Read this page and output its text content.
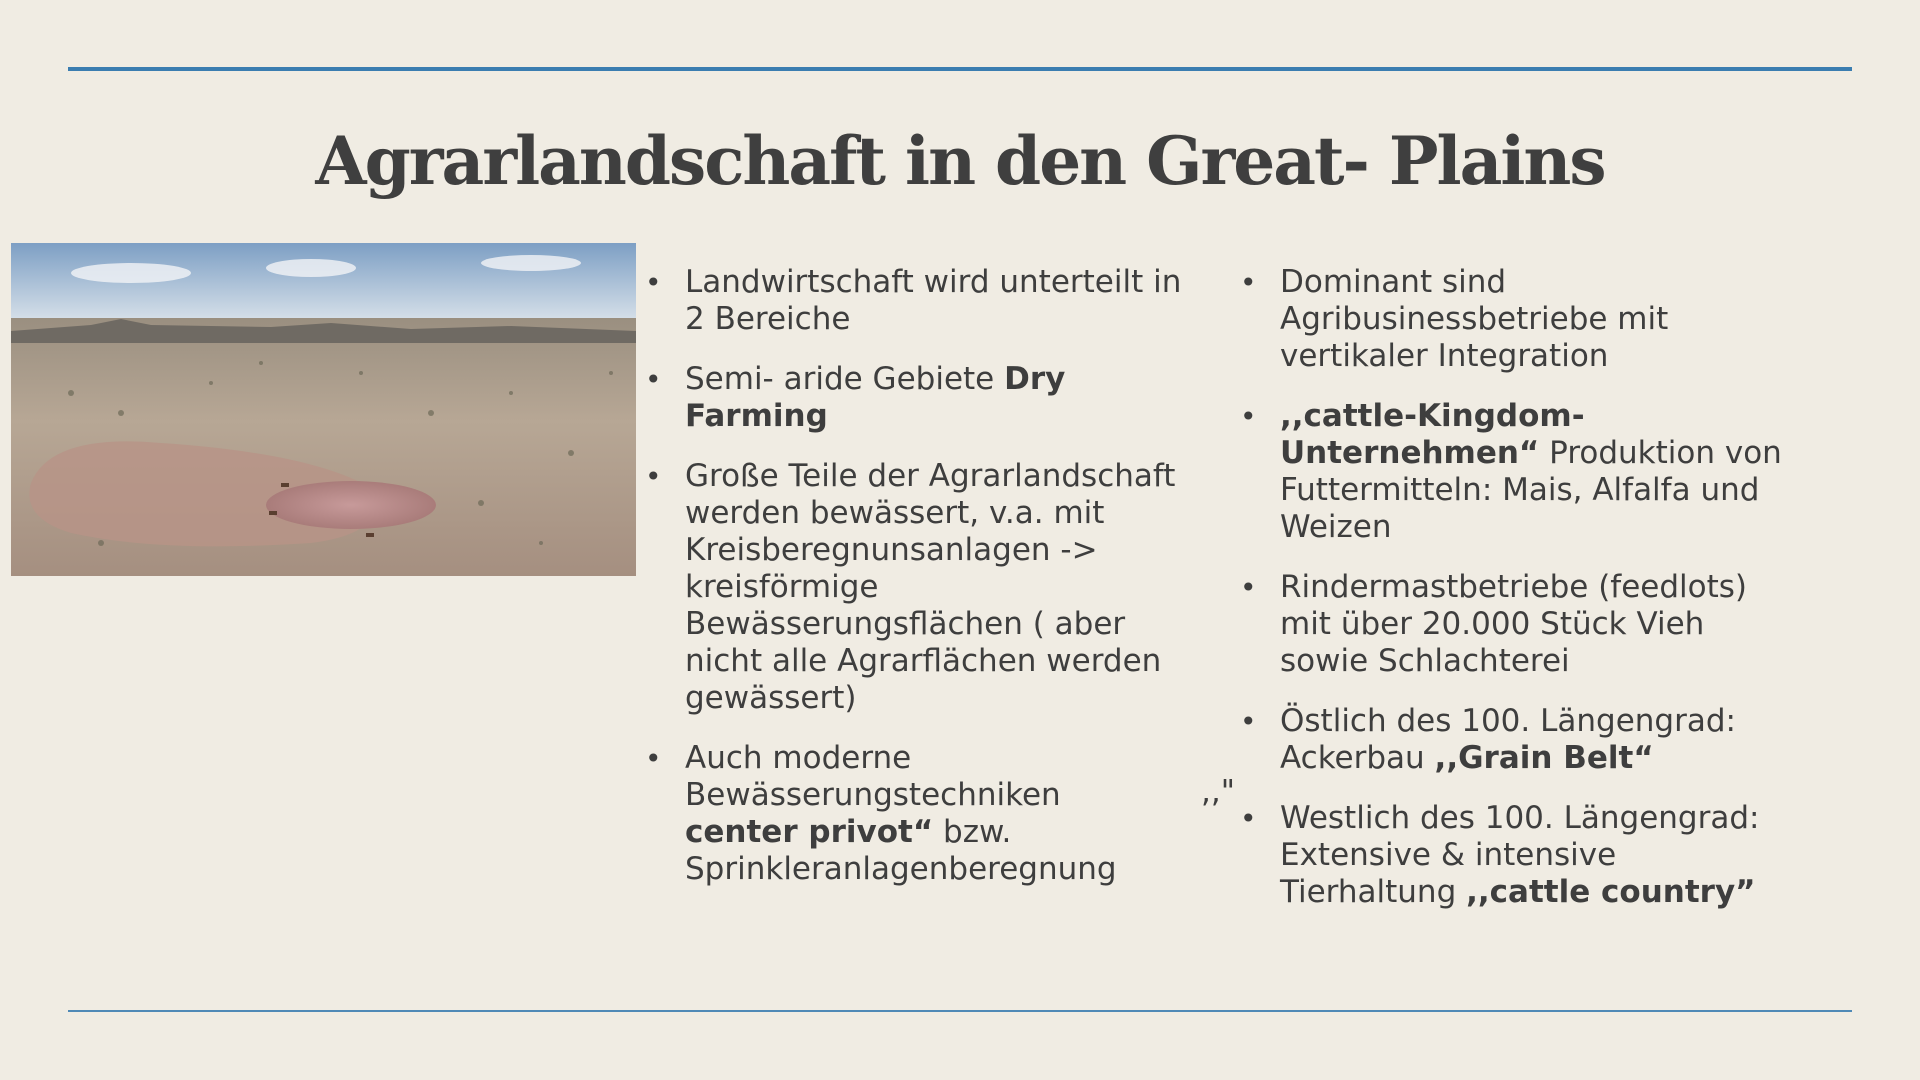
Agrarlandschaft in den Great- Plains
• Landwirtschaft wird unterteilt in 2 Bereiche
• Semi- aride Gebiete Dry Farming
• Große Teile der Agrarlandschaft werden bewässert, v.a. mit Kreisberegnunsanlagen -> kreisförmige Bewässerungsflächen ( aber nicht alle Agrarflächen werden gewässert)
• Auch moderne Bewässerungstechniken	,,"

center privot“ bzw. Sprinkleranlagenberegnung
• Dominant sind Agribusinessbetriebe mit vertikaler Integration
• ,,cattle-Kingdom-Unternehmen“ Produktion von Futtermitteln: Mais, Alfalfa und Weizen
• Rindermastbetriebe (feedlots) mit über 20.000 Stück Vieh sowie Schlachterei
• Östlich des 100. Längengrad: Ackerbau ,,Grain Belt“
• Westlich des 100. Längengrad: Extensive & intensive Tierhaltung ,,cattle country”
